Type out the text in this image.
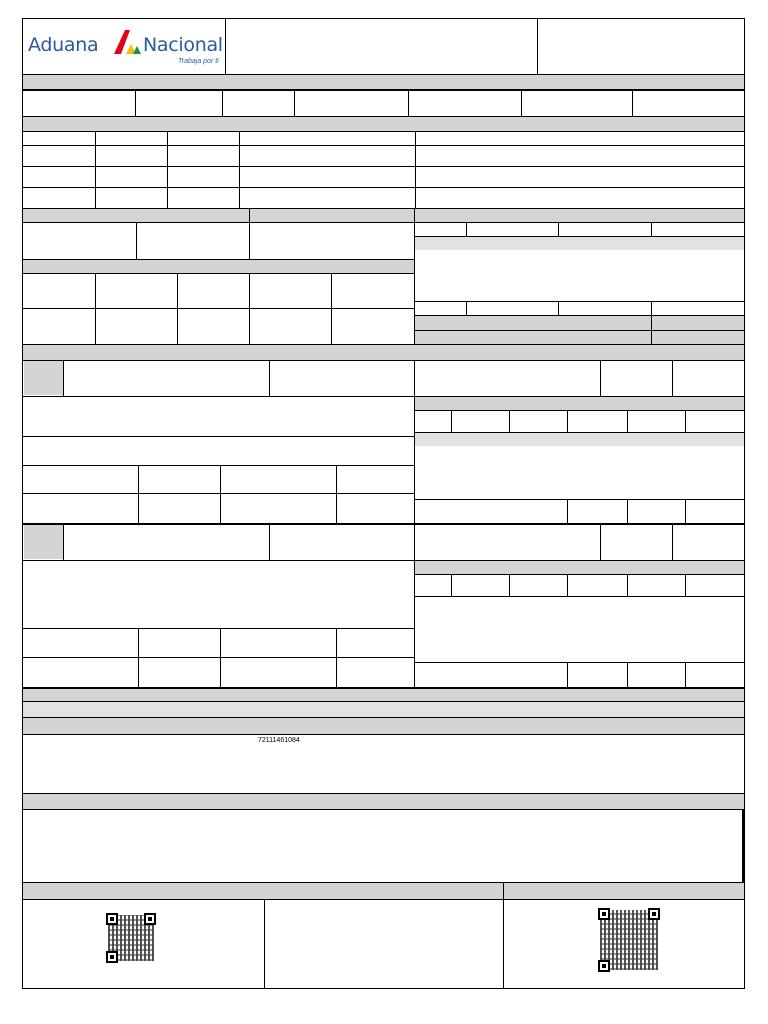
Aduana Nacional
Trabaja por ti
72111461084
